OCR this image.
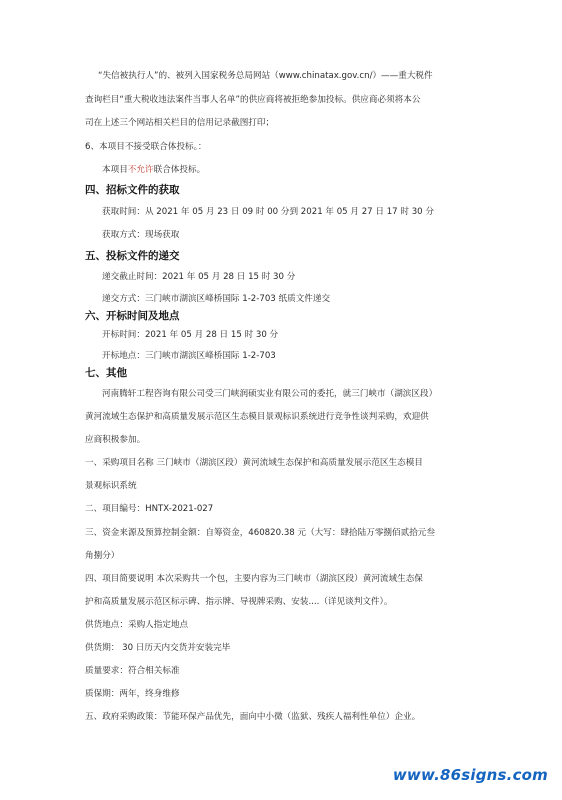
“失信被执行人”的、被列入国家税务总局网站（www.chinatax.gov.cn/）——重大税件
查询栏目“重大税收违法案件当事人名单”的供应商将被拒绝参加投标。供应商必须将本公
司在上述三个网站相关栏目的信用记录截图打印；
6、本项目不接受联合体投标。：
本项目不允许联合体投标。
四、招标文件的获取
获取时间：从 2021 年 05 月 23 日 09 时 00 分到 2021 年 05 月 27 日 17 时 30 分
获取方式：现场获取
五、投标文件的递交
递交截止时间：2021 年 05 月 28 日 15 时 30 分
递交方式：三门峡市湖滨区峰桥国际 1-2-703 纸质文件递交
六、开标时间及地点
开标时间：2021 年 05 月 28 日 15 时 30 分
开标地点：三门峡市湖滨区峰桥国际 1-2-703
七、其他
河南腾轩工程咨询有限公司受三门峡润硕实业有限公司的委托，就三门峡市（湖滨区段）
黄河流域生态保护和高质量发展示范区生态模目景观标识系统进行竞争性谈判采购，欢迎供
应商积极参加。
一、采购项目名称 三门峡市（湖滨区段）黄河流域生态保护和高质量发展示范区生态模目
景观标识系统
二、项目编号：HNTX-2021-027
三、资金来源及预算控制金额：自筹资金，460820.38 元（大写：肆拾陆万零捌佰贰拾元叁
角捌分）
四、项目简要说明 本次采购共一个包，主要内容为三门峡市（湖滨区段）黄河流域生态保
护和高质量发展示范区标示碑、指示牌、导视牌采购、安装....（详见谈判文件）。
供货地点：采购人指定地点
供货期： 30 日历天内交货并安装完毕
质量要求：符合相关标准
质保期：两年，终身维修
五、政府采购政策：节能环保产品优先，面向中小微（监狱、残疾人福利性单位）企业。
www.86signs.com
